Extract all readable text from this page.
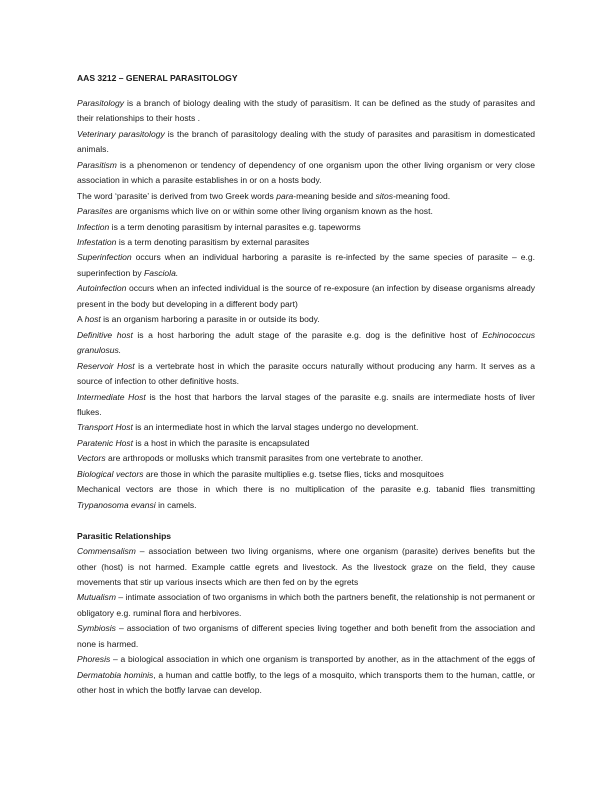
AAS 3212 – GENERAL PARASITOLOGY

Parasitology is a branch of biology dealing with the study of parasitism. It can be defined as the study of parasites and their relationships to their hosts .

Veterinary parasitology is the branch of parasitology dealing with the study of parasites and parasitism in domesticated animals.

Parasitism is a phenomenon or tendency of dependency of one organism upon the other living organism or very close association in which a parasite establishes in or on a hosts body.

The word ‘parasite’ is derived from two Greek words para-meaning beside and sitos-meaning food.

Parasites are organisms which live on or within some other living organism known as the host.

Infection is a term denoting parasitism by internal parasites e.g. tapeworms

Infestation is a term denoting parasitism by external parasites

Superinfection occurs when an individual harboring a parasite is re-infected by the same species of parasite – e.g. superinfection by Fasciola.

Autoinfection occurs when an infected individual is the source of re-exposure (an infection by disease organisms already present in the body but developing in a different body part)

A host is an organism harboring a parasite in or outside its body.

Definitive host is a host harboring the adult stage of the parasite e.g. dog is the definitive host of Echinococcus granulosus.

Reservoir Host is a vertebrate host in which the parasite occurs naturally without producing any harm. It serves as a source of infection to other definitive hosts.

Intermediate Host is the host that harbors the larval stages of the parasite e.g. snails are intermediate hosts of liver flukes.

Transport Host is an intermediate host in which the larval stages undergo no development.

Paratenic Host is a host in which the parasite is encapsulated

Vectors are arthropods or mollusks which transmit parasites from one vertebrate to another.

Biological vectors are those in which the parasite multiplies e.g. tsetse flies, ticks and mosquitoes

Mechanical vectors are those in which there is no multiplication of the parasite e.g. tabanid flies transmitting Trypanosoma evansi in camels.

Parasitic Relationships

Commensalism – association between two living organisms, where one organism (parasite) derives benefits but the other (host) is not harmed. Example cattle egrets and livestock. As the livestock graze on the field, they cause movements that stir up various insects which are then fed on by the egrets

Mutualism – intimate association of two organisms in which both the partners benefit, the relationship is not permanent or obligatory e.g. ruminal flora and herbivores.

Symbiosis – association of two organisms of different species living together and both benefit from the association and none is harmed.

Phoresis – a biological association in which one organism is transported by another, as in the attachment of the eggs of Dermatobia hominis, a human and cattle botfly, to the legs of a mosquito, which transports them to the human, cattle, or other host in which the botfly larvae can develop.
